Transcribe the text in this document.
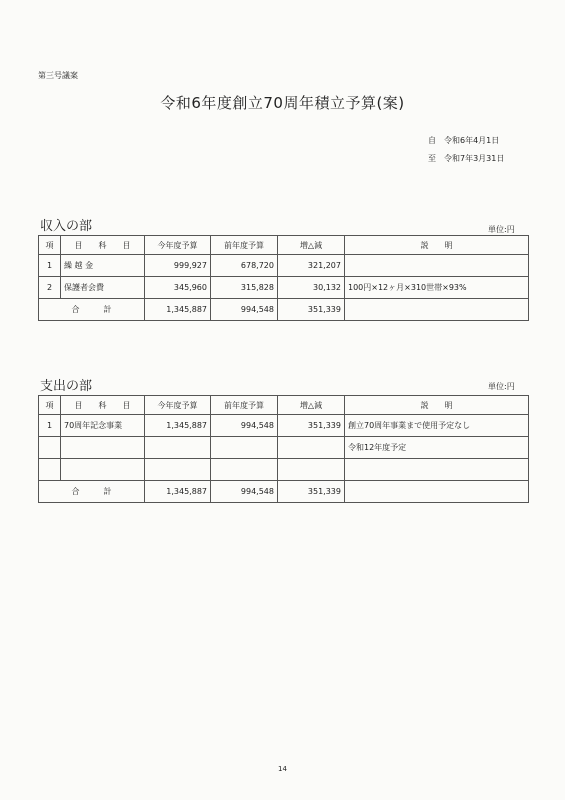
第三号議案
令和6年度創立70周年積立予算(案)
自　令和6年4月1日
至　令和7年3月31日
収入の部	単位:円
項	目　　科　　目	今年度予算	前年度予算	増△減	説　　明
1	繰 越 金	999,927	678,720	321,207	
2	保護者会費	345,960	315,828	30,132	100円×12ヶ月×310世帯×93%
合　　　計		1,345,887	994,548	351,339	
支出の部	単位:円
項	目　　科　　目	今年度予算	前年度予算	増△減	説　　明
1	70周年記念事業	1,345,887	994,548	351,339	創立70周年事業まで使用予定なし
					令和12年度予定

合　　　計		1,345,887	994,548	351,339	
14
